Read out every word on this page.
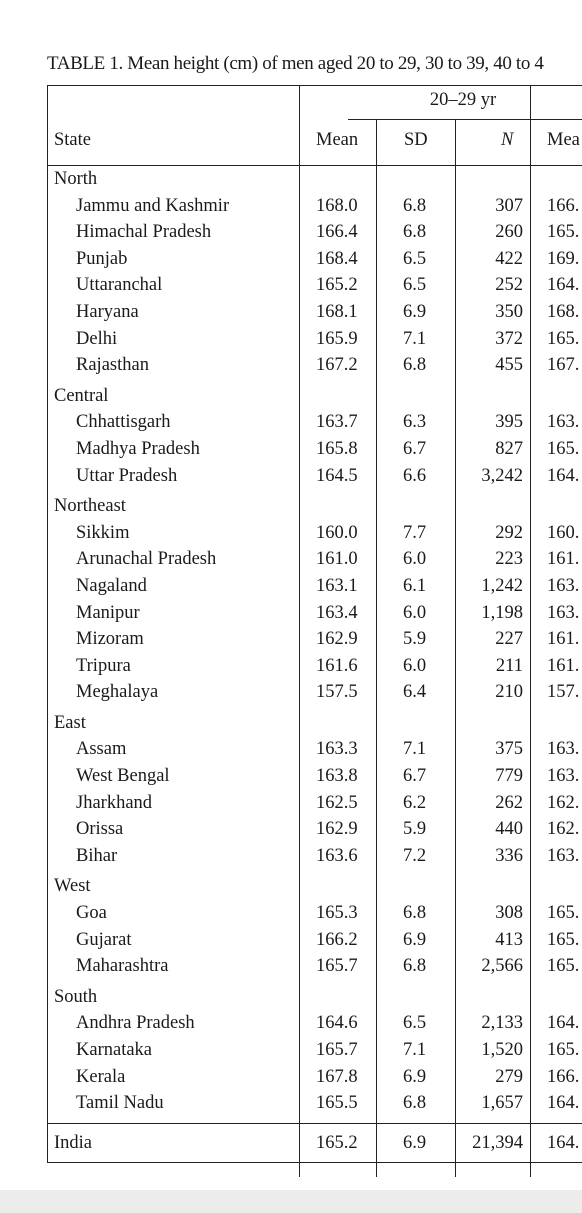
TABLE 1. Mean height (cm) of men aged 20 to 29, 30 to 39, 40 to 4
20–29 yr
State	Mean SD	N Mea
North
Jammu and Kashmir	168.0 6.8	307 166.
Himachal Pradesh	166.4 6.8	260 165.
Punjab	168.4 6.5	422 169.
Uttaranchal	165.2 6.5	252 164.
Haryana	168.1 6.9	350 168.
Delhi	165.9 7.1	372 165.
Rajasthan	167.2 6.8	455 167.
Central
Chhattisgarh	163.7 6.3	395 163.
Madhya Pradesh	165.8 6.7	827 165.
Uttar Pradesh	164.5 6.6	3,242 164.
Northeast
Sikkim	160.0 7.7	292 160.
Arunachal Pradesh	161.0 6.0	223 161.
Nagaland	163.1 6.1	1,242 163.
Manipur	163.4 6.0	1,198 163.
Mizoram	162.9 5.9	227 161.
Tripura	161.6 6.0	211 161.
Meghalaya	157.5 6.4	210 157.
East
Assam	163.3 7.1	375 163.
West Bengal	163.8 6.7	779 163.
Jharkhand	162.5 6.2	262 162.
Orissa	162.9 5.9	440 162.
Bihar	163.6 7.2	336 163.
West
Goa	165.3 6.8	308 165.
Gujarat	166.2 6.9	413 165.
Maharashtra	165.7 6.8	2,566 165.
South
Andhra Pradesh	164.6 6.5	2,133 164.
Karnataka	165.7 7.1	1,520 165.
Kerala	167.8 6.9	279 166.
Tamil Nadu	165.5 6.8	1,657 164.
India	165.2 6.9	21,394 164.
